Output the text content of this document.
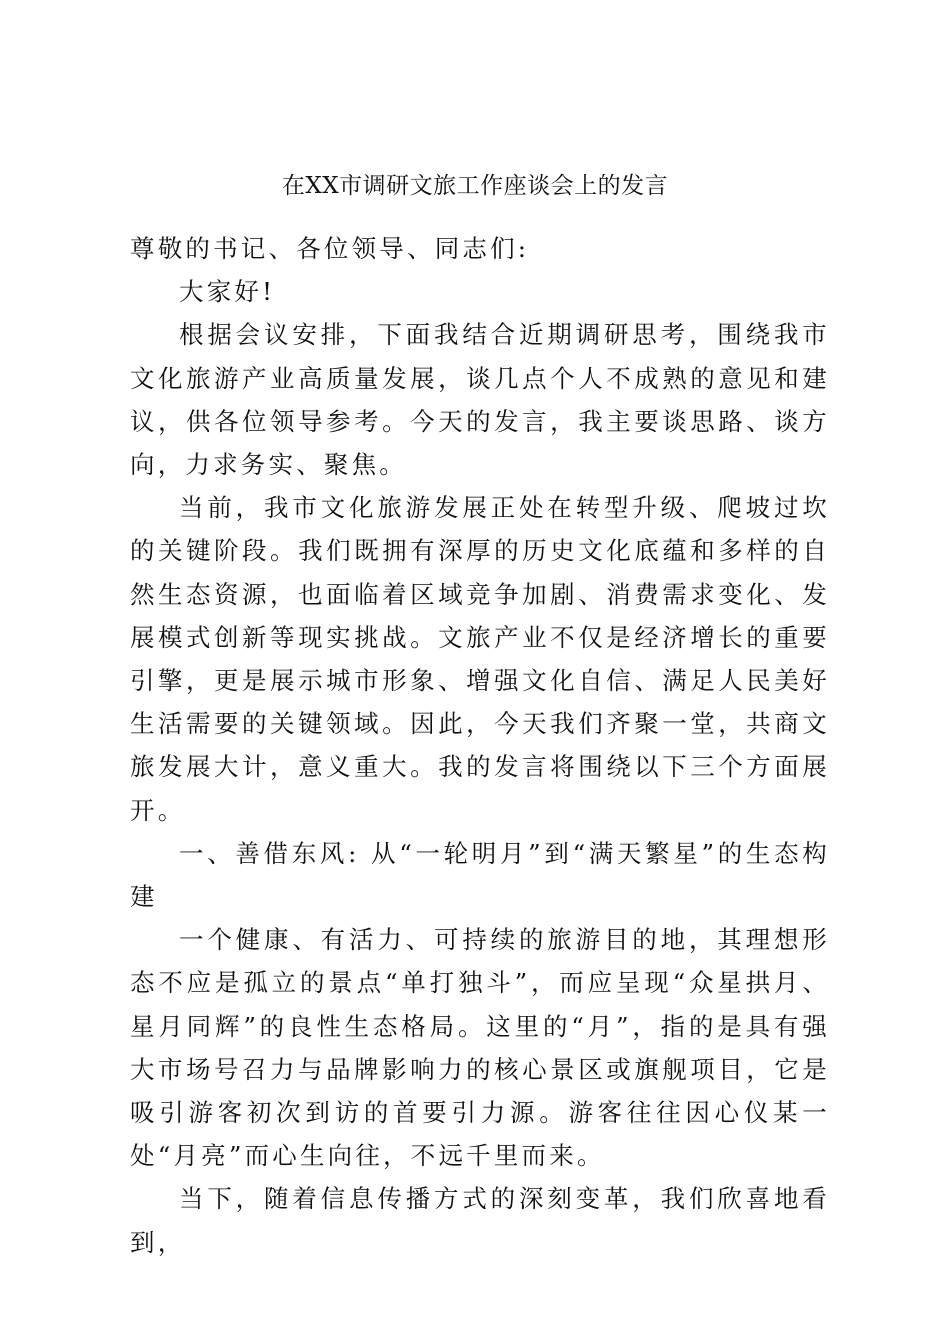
在XX市调研文旅工作座谈会上的发言

尊敬的书记、各位领导、同志们:

大家好!

根据会议安排，下面我结合近期调研思考，围绕我市文化旅游产业高质量发展，谈几点个人不成熟的意见和建议，供各位领导参考。今天的发言，我主要谈思路、谈方向，力求务实、聚焦。

当前，我市文化旅游发展正处在转型升级、爬坡过坎的关键阶段。我们既拥有深厚的历史文化底蕴和多样的自然生态资源，也面临着区域竞争加剧、消费需求变化、发展模式创新等现实挑战。文旅产业不仅是经济增长的重要引擎，更是展示城市形象、增强文化自信、满足人民美好生活需要的关键领域。因此，今天我们齐聚一堂，共商文旅发展大计，意义重大。我的发言将围绕以下三个方面展开。

一、善借东风: 从“一轮明月”到“满天繁星”的生态构建

一个健康、有活力、可持续的旅游目的地，其理想形态不应是孤立的景点“单打独斗”，而应呈现“众星拱月、星月同辉”的良性生态格局。这里的“月”，指的是具有强大市场号召力与品牌影响力的核心景区或旗舰项目，它是吸引游客初次到访的首要引力源。游客往往因心仪某一处“月亮”而心生向往，不远千里而来。

当下，随着信息传播方式的深刻变革，我们欣喜地看到，
